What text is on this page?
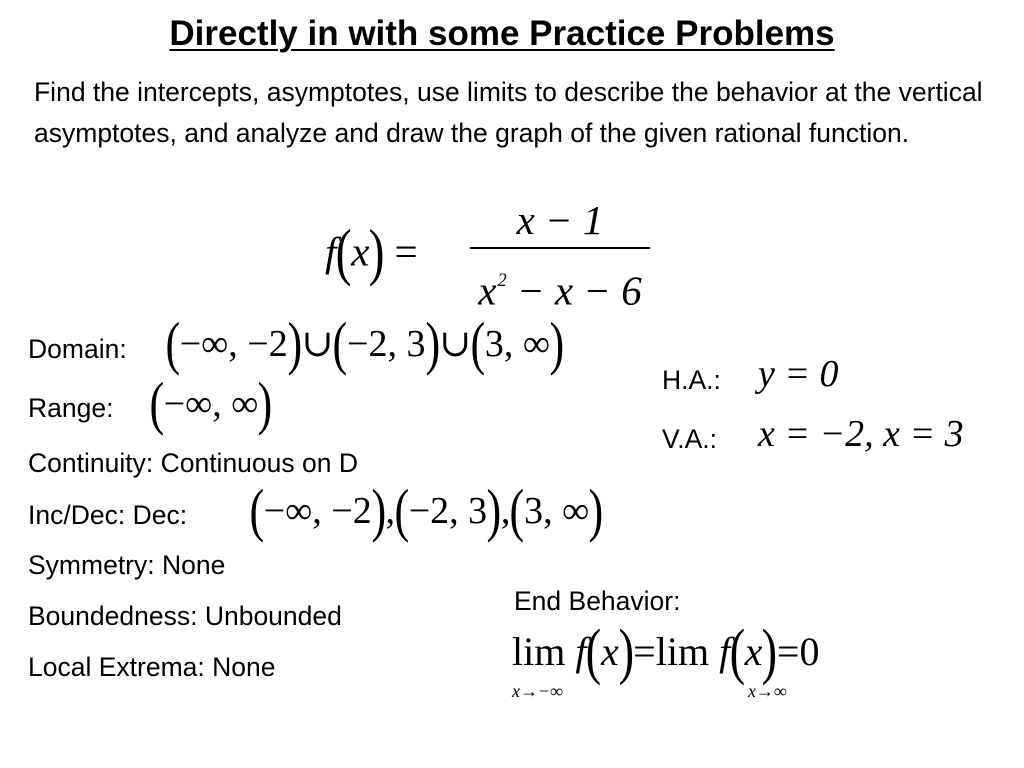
Directly in with some Practice Problems
Find the intercepts, asymptotes, use limits to describe the behavior at the vertical asymptotes, and analyze and draw the graph of the given rational function.
f(x) =
x − 1
$x^2 - x - 6$
Domain: (−∞, −2)∪(−2, 3)∪(3, ∞)
Range: (−∞, ∞)	H.A.: y = 0
V.A.: x = −2, x = 3
Continuity: Continuous on D
Inc/Dec: Dec: (−∞, −2),(−2, 3),(3, ∞)
Symmetry: None
Boundedness: Unbounded
Local Extrema: None
End Behavior:
lim f(x)=lim f(x)=0
x→−∞	x→∞
